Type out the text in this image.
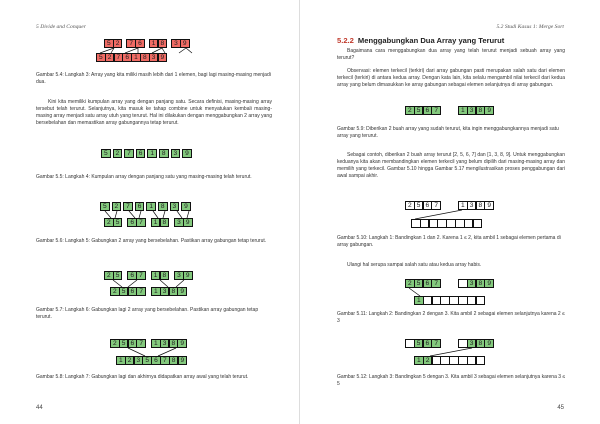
5 Divide and Conquer
44
5 2	7 6	1 8	3 9
5 2 7 6 1 8 3 9
Gambar 5.4: Langkah 3: Array yang kita miliki masih lebih dari 1 elemen, bagi lagi masing-masing menjadi dua.
Kini kita memiliki kumpulan array yang dengan panjang satu. Secara definisi, masing-masing array tersebut telah terurut. Selanjutnya, kita masuk ke tahap combine untuk menyatukan kembali masing-masing array menjadi satu array utuh yang terurut. Hal ini dilakukan dengan menggabungkan 2 array yang bersebelahan dan memastikan array gabungannya tetap terurut.
5	2	7	6	1	8	3	9
Gambar 5.5: Langkah 4: Kumpulan array dengan panjang satu yang masing-masing telah terurut.
5	2	7	6	1	8	3	9
2 5	6 7	1 8	3 9
Gambar 5.6: Langkah 5: Gabungkan 2 array yang bersebelahan. Pastikan array gabungan tetap terurut.
2 5	6 7	1 8	3 9
2 5 6 7	1 3 8 9
Gambar 5.7: Langkah 6: Gabungkan lagi 2 array yang bersebelahan. Pastikan array gabungan tetap terurut.
2 5 6 7	1 3 8 9
1 2 3 5 6 7 8 9
Gambar 5.8: Langkah 7: Gabungkan lagi dan akhirnya didapatkan array awal yang telah terurut.
5.2 Studi Kasus 1: Merge Sort
45
5.2.2 Menggabungkan Dua Array yang Terurut
Bagaimana cara menggabungkan dua array yang telah terurut menjadi sebuah array yang terurut?
Observasi: elemen terkecil (terkiri) dari array gabungan pasti merupakan salah satu dari elemen terkecil (terkiri) di antara kedua array. Dengan kata lain, kita selalu mengambil nilai terkecil dari kedua array yang belum dimasukkan ke array gabungan sebagai elemen selanjutnya di array gabungan.
2 5 6 7	1 3 8 9
Gambar 5.9: Diberikan 2 buah array yang sudah terurut, kita ingin menggabungkannya menjadi satu array yang terurut.
Sebagai contoh, diberikan 2 buah array terurut [2, 5, 6, 7] dan [1, 3, 8, 9]. Untuk menggabungkan keduanya kita akan membandingkan elemen terkecil yang belum dipilih dari masing-masing array dan memilih yang terkecil. Gambar 5.10 hingga Gambar 5.17 mengilustrasikan proses penggabungan dari awal sampai akhir.
2 5 6 7	1 3 8 9
Gambar 5.10: Langkah 1: Bandingkan 1 dan 2. Karena 1 ≤ 2, kita ambil 1 sebagai elemen pertama di array gabungan.
Ulangi hal serupa sampai salah satu atau kedua array habis.
2 5 6 7	3 8 9
1
Gambar 5.11: Langkah 2: Bandingkan 2 dengan 3. Kita ambil 2 sebagai elemen selanjutnya karena 2 ≤ 3
5 6 7	3 8 9
1 2
Gambar 5.12: Langkah 3: Bandingkan 5 dengan 3. Kita ambil 3 sebagai elemen selanjutnya karena 3 ≤ 5
